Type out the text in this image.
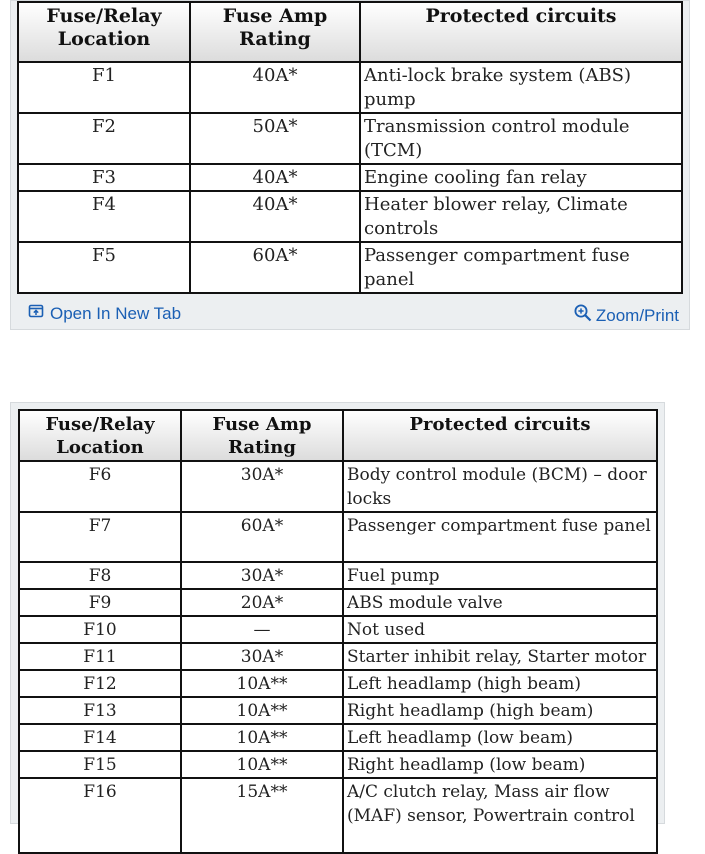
Fuse/Relay Location	Fuse Amp Rating	Protected circuits
F1	40A*	Anti-lock brake system (ABS) pump
F2	50A*	Transmission control module (TCM)
F3	40A*	Engine cooling fan relay
F4	40A*	Heater blower relay, Climate controls
F5	60A*	Passenger compartment fuse panel
Open In New Tab	Zoom/Print
Fuse/Relay Location	Fuse Amp Rating	Protected circuits
F6	30A*	Body control module (BCM) – door locks
F7	60A*	Passenger compartment fuse panel
F8	30A*	Fuel pump
F9	20A*	ABS module valve
F10	—	Not used
F11	30A*	Starter inhibit relay, Starter motor
F12	10A**	Left headlamp (high beam)
F13	10A**	Right headlamp (high beam)
F14	10A**	Left headlamp (low beam)
F15	10A**	Right headlamp (low beam)
F16	15A**	A/C clutch relay, Mass air flow (MAF) sensor, Powertrain control
